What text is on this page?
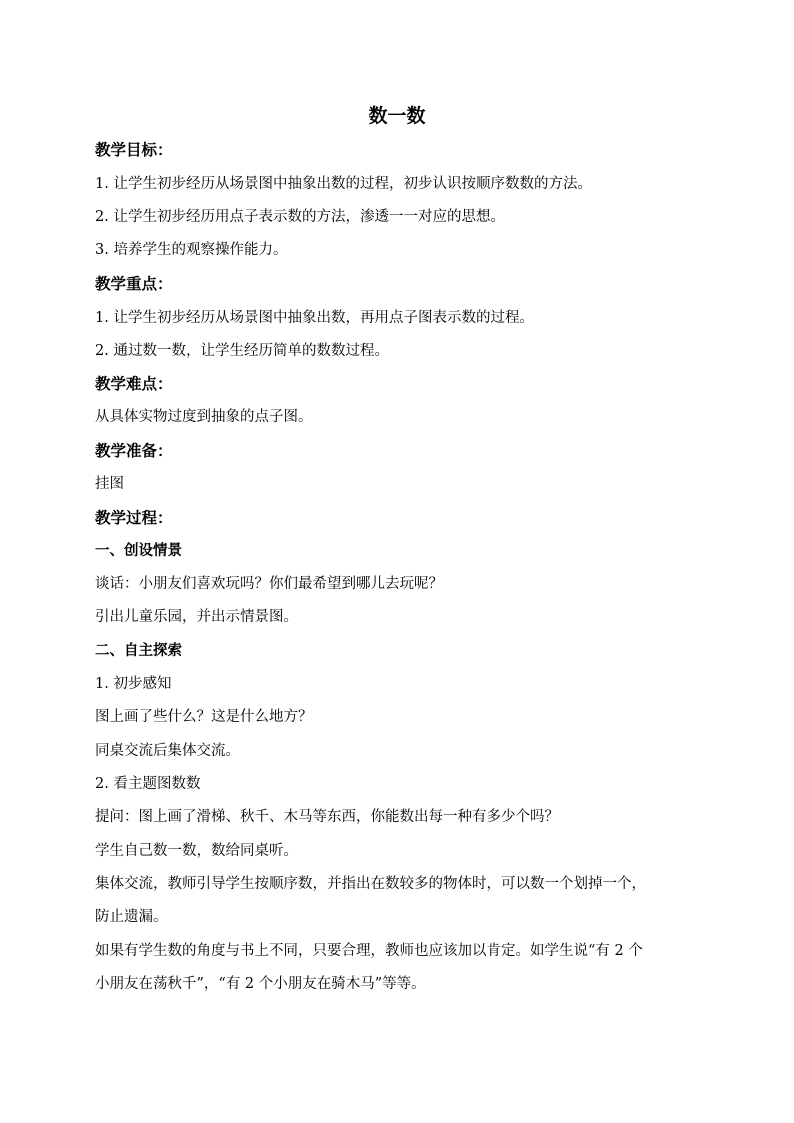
数一数
教学目标：
1. 让学生初步经历从场景图中抽象出数的过程，初步认识按顺序数数的方法。
2. 让学生初步经历用点子表示数的方法，渗透一一对应的思想。
3. 培养学生的观察操作能力。
教学重点：
1. 让学生初步经历从场景图中抽象出数，再用点子图表示数的过程。
2. 通过数一数，让学生经历简单的数数过程。
教学难点：
从具体实物过度到抽象的点子图。
教学准备：
挂图
教学过程：
一、创设情景
谈话：小朋友们喜欢玩吗？你们最希望到哪儿去玩呢？
引出儿童乐园，并出示情景图。
二、自主探索
1. 初步感知
图上画了些什么？这是什么地方？
同桌交流后集体交流。
2. 看主题图数数
提问：图上画了滑梯、秋千、木马等东西，你能数出每一种有多少个吗？
学生自己数一数，数给同桌听。
集体交流，教师引导学生按顺序数，并指出在数较多的物体时，可以数一个划掉一个，
防止遗漏。
如果有学生数的角度与书上不同，只要合理，教师也应该加以肯定。如学生说“有 2 个
小朋友在荡秋千”，“有 2 个小朋友在骑木马”等等。
